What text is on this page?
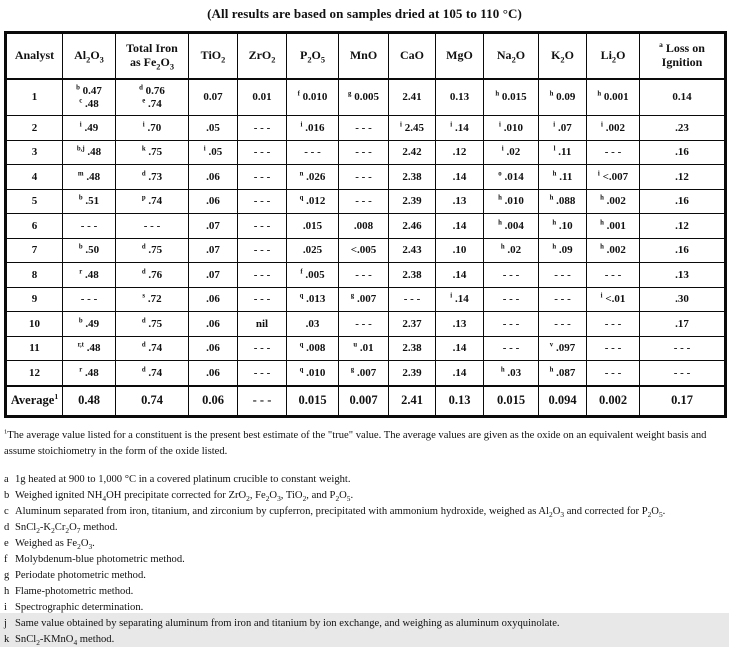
(All results are based on samples dried at 105 to 110 °C)
Analyst	$Al_2O_3$	Total Iron
as $Fe_2O_3$	TiO$_2$	ZrO$_2$	$P_2O_5$	MnO	CaO	MgO	$Na_2O$	$K_2O$	$Li_2O$	$^a$ Loss on
Ignition
1	$^b$ 0.47
$^c$ .48	$^d$ 0.76
$^e$ .74	0.07	0.01	$^f$ 0.010	$^g$ 0.005	2.41	0.13	$^h$ 0.015	$^h$ 0.09	$^h$ 0.001	0.14
2	$^i$ .49	$^i$ .70	.05	- - -	$^i$ .016	- - -	$^i$ 2.45	$^i$ .14	$^i$ .010	$^i$ .07	$^i$ .002	.23
3	$^{b,j}$ .48	$^k$ .75	$^i$ .05	- - -	- - -	- - -	2.42	.12	$^i$ .02	$^l$ .11	- - -	.16
4	$^m$ .48	$^d$ .73	.06	- - -	$^n$ .026	- - -	2.38	.14	$^o$ .014	$^h$ .11	$^i$ <.007	.12
5	$^b$ .51	$^p$ .74	.06	- - -	$^q$ .012	- - -	2.39	.13	$^h$ .010	$^h$ .088	$^h$ .002	.16
6	- - -	- - -	.07	- - -	.015	.008	2.46	.14	$^h$ .004	$^h$ .10	$^h$ .001	.12
7	$^b$ .50	$^d$ .75	.07	- - -	.025	<.005	2.43	.10	$^h$ .02	$^h$ .09	$^h$ .002	.16
8	$^r$ .48	$^d$ .76	.07	- - -	$^f$ .005	- - -	2.38	.14	- - -	- - -	- - -	.13
9	- - -	$^s$ .72	.06	- - -	$^q$ .013	$^g$ .007	- - -	$^i$ .14	- - -	- - -	$^i$ <.01	.30
10	$^b$ .49	$^d$ .75	.06	nil	.03	- - -	2.37	.13	- - -	- - -	- - -	.17
11	$^{r,t}$ .48	$^d$ .74	.06	- - -	$^q$ .008	$^u$ .01	2.38	.14	- - -	$^v$ .097	- - -	- - -
12	$^r$ .48	$^d$ .74	.06	- - -	$^q$ .010	$^g$ .007	2.39	.14	$^h$ .03	$^h$ .087	- - -	- - -
Average$^1$	0.48	0.74	0.06	- - -	0.015	0.007	2.41	0.13	0.015	0.094	0.002	0.17
$^1$The average value listed for a constituent is the present best estimate of the "true" value. The average values are given as the oxide on an equivalent weight basis and assume stoichiometry in the form of the oxide listed.
a 1g heated at 900 to 1,000 °C in a covered platinum crucible to constant weight.
b Weighed ignited $NH_4OH$ precipitate corrected for ZrO$_2$, $Fe_2O_3$, TiO$_2$, and $P_2O_5$.
c Aluminum separated from iron, titanium, and zirconium by cupferron, precipitated with ammonium hydroxide, weighed as $Al_2O_3$ and corrected for $P_2O_5$.
d $SnCl_2-K_2Cr_2O_7$ method.
e Weighed as $Fe_2O_3$.
f Molybdenum-blue photometric method.
g Periodate photometric method.
h Flame-photometric method.
i Spectrographic determination.
j Same value obtained by separating aluminum from iron and titanium by ion exchange, and weighing as aluminum oxyquinolate.
k SnCl$_2$-KMnO$_4$ method.
